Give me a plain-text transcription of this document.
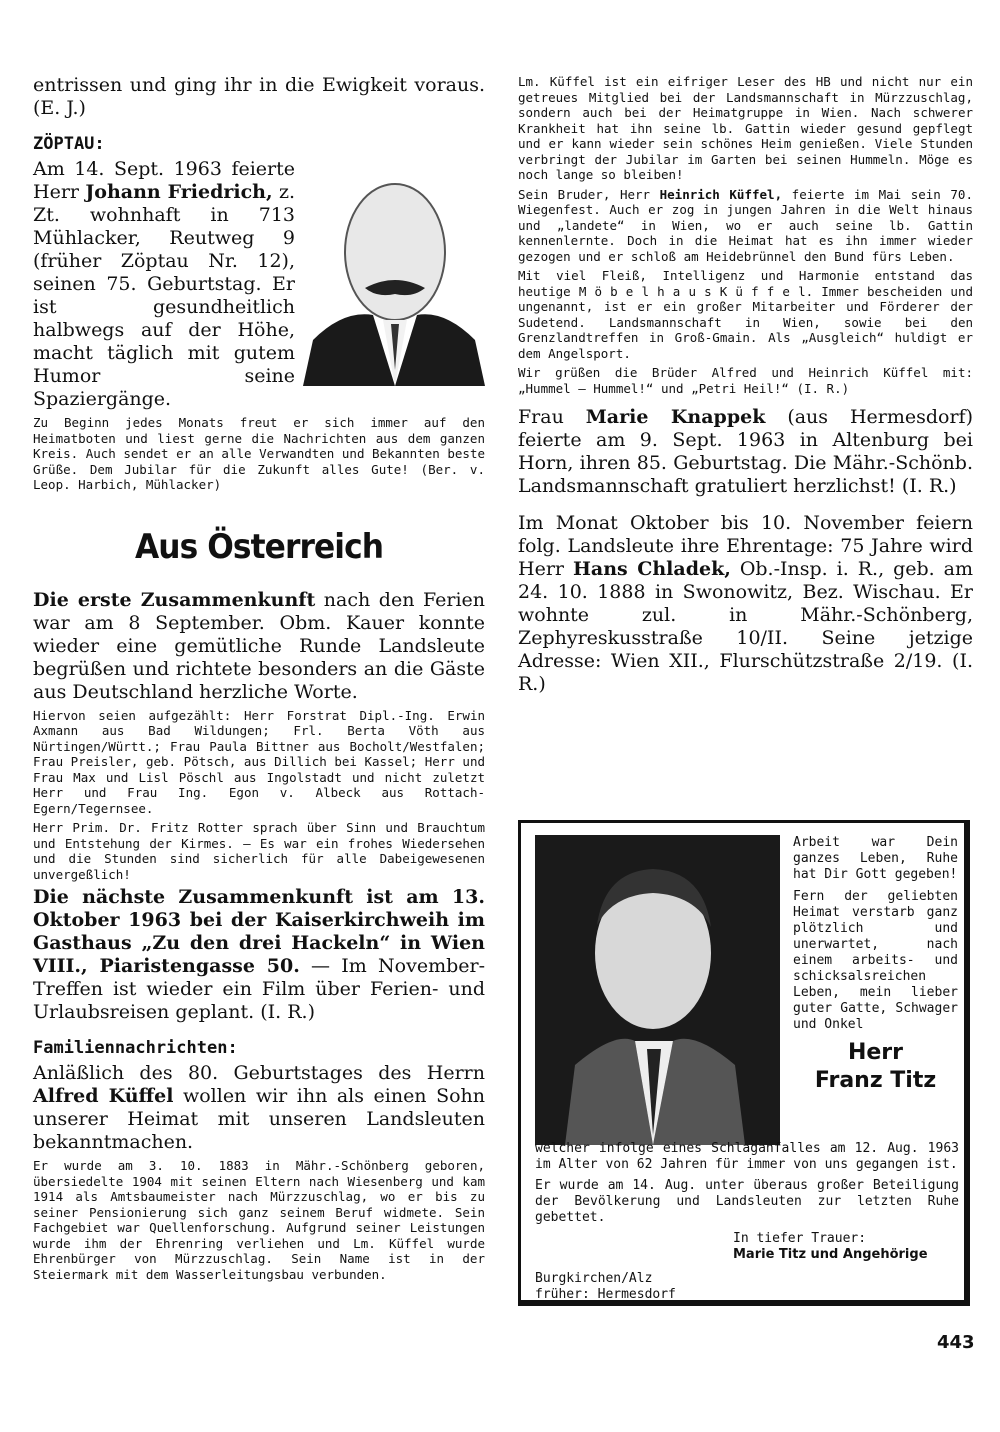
entrissen und ging ihr in die Ewigkeit voraus. (E. J.)

ZÖPTAU:

Am 14. Sept. 1963 feierte Herr Johann Friedrich, z. Zt. wohnhaft in 713 Mühlacker, Reutweg 9 (früher Zöptau Nr. 12), seinen 75. Geburtstag. Er ist gesundheitlich halbwegs auf der Höhe, macht täglich mit gutem Humor seine Spaziergänge.

Zu Beginn jedes Monats freut er sich immer auf den Heimatboten und liest gerne die Nachrichten aus dem ganzen Kreis. Auch sendet er an alle Verwandten und Bekannten beste Grüße. Dem Jubilar für die Zukunft alles Gute! (Ber. v. Leop. Harbich, Mühlacker)

Aus Österreich

Die erste Zusammenkunft nach den Ferien war am 8 September. Obm. Kauer konnte wieder eine gemütliche Runde Landsleute begrüßen und richtete besonders an die Gäste aus Deutschland herzliche Worte.

Hiervon seien aufgezählt: Herr Forstrat Dipl.-Ing. Erwin Axmann aus Bad Wildungen; Frl. Berta Vöth aus Nürtingen/Württ.; Frau Paula Bittner aus Bocholt/Westfalen; Frau Preisler, geb. Pötsch, aus Dillich bei Kassel; Herr und Frau Max und Lisl Pöschl aus Ingolstadt und nicht zuletzt Herr und Frau Ing. Egon v. Albeck aus Rottach-Egern/Tegernsee.

Herr Prim. Dr. Fritz Rotter sprach über Sinn und Brauchtum und Entstehung der Kirmes. — Es war ein frohes Wiedersehen und die Stunden sind sicherlich für alle Dabeigewesenen unvergeßlich!

Die nächste Zusammenkunft ist am 13. Oktober 1963 bei der Kaiserkirchweih im Gasthaus „Zu den drei Hackeln“ in Wien VIII., Piaristengasse 50. — Im November-Treffen ist wieder ein Film über Ferien- und Urlaubsreisen geplant. (I. R.)

Familiennachrichten:

Anläßlich des 80. Geburtstages des Herrn Alfred Küffel wollen wir ihn als einen Sohn unserer Heimat mit unseren Landsleuten bekanntmachen.

Er wurde am 3. 10. 1883 in Mähr.-Schönberg geboren, übersiedelte 1904 mit seinen Eltern nach Wiesenberg und kam 1914 als Amtsbaumeister nach Mürzzuschlag, wo er bis zu seiner Pensionierung sich ganz seinem Beruf widmete. Sein Fachgebiet war Quellenforschung. Aufgrund seiner Leistungen wurde ihm der Ehrenring verliehen und Lm. Küffel wurde Ehrenbürger von Mürzzuschlag. Sein Name ist in der Steiermark mit dem Wasserleitungsbau verbunden.

Lm. Küffel ist ein eifriger Leser des HB und nicht nur ein getreues Mitglied bei der Landsmannschaft in Mürzzuschlag, sondern auch bei der Heimatgruppe in Wien. Nach schwerer Krankheit hat ihn seine lb. Gattin wieder gesund gepflegt und er kann wieder sein schönes Heim genießen. Viele Stunden verbringt der Jubilar im Garten bei seinen Hummeln. Möge es noch lange so bleiben!

Sein Bruder, Herr Heinrich Küffel, feierte im Mai sein 70. Wiegenfest. Auch er zog in jungen Jahren in die Welt hinaus und „landete“ in Wien, wo er auch seine lb. Gattin kennenlernte. Doch in die Heimat hat es ihn immer wieder gezogen und er schloß am Heidebrünnel den Bund fürs Leben.

Mit viel Fleiß, Intelligenz und Harmonie entstand das heutige M ö b e l h a u s K ü f f e l. Immer bescheiden und ungenannt, ist er ein großer Mitarbeiter und Förderer der Sudetend. Landsmannschaft in Wien, sowie bei den Grenzlandtreffen in Groß-Gmain. Als „Ausgleich“ huldigt er dem Angelsport.

Wir grüßen die Brüder Alfred und Heinrich Küffel mit: „Hummel — Hummel!“ und „Petri Heil!“ (I. R.)

Frau Marie Knappek (aus Hermesdorf) feierte am 9. Sept. 1963 in Altenburg bei Horn, ihren 85. Geburtstag. Die Mähr.-Schönb. Landsmannschaft gratuliert herzlichst! (I. R.)

Im Monat Oktober bis 10. November feiern folg. Landsleute ihre Ehrentage: 75 Jahre wird Herr Hans Chladek, Ob.-Insp. i. R., geb. am 24. 10. 1888 in Swonowitz, Bez. Wischau. Er wohnte zul. in Mähr.-Schönberg, Zephyreskusstraße 10/II. Seine jetzige Adresse: Wien XII., Flurschützstraße 2/19. (I. R.)

Arbeit war Dein ganzes Leben, Ruhe hat Dir Gott gegeben!

Fern der geliebten Heimat verstarb ganz plötzlich und unerwartet, nach einem arbeits- und schicksalsreichen Leben, mein lieber guter Gatte, Schwager und Onkel

Herr
Franz Titz

welcher infolge eines Schlaganfalles am 12. Aug. 1963 im Alter von 62 Jahren für immer von uns gegangen ist.

Er wurde am 14. Aug. unter überaus großer Beteiligung der Bevölkerung und Landsleuten zur letzten Ruhe gebettet.

In tiefer Trauer:
Marie Titz und Angehörige
Burgkirchen/Alz
früher: Hermesdorf
443
